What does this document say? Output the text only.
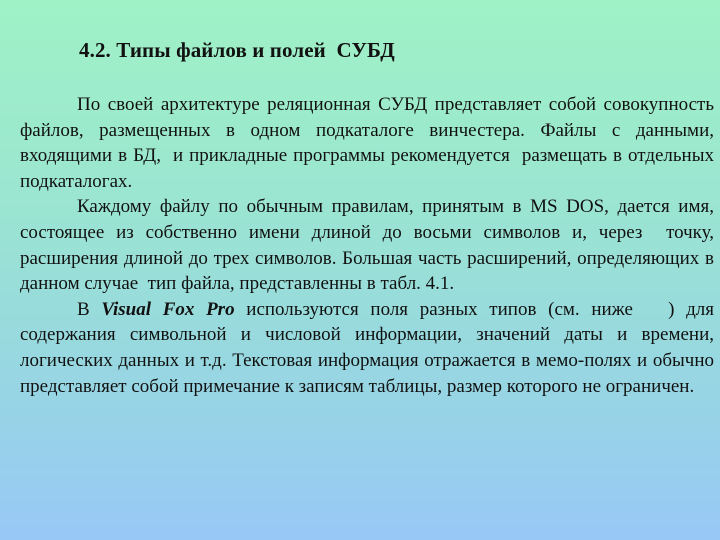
4.2. Типы файлов и полей  СУБД

По своей архитектуре реляционная СУБД представляет собой совокупность файлов, размещенных в одном подкаталоге винчестера. Файлы с данными, входящими в БД,  и прикладные программы рекомендуется  размещать в отдельных подкаталогах.

Каждому файлу по обычным правилам, принятым в MS DOS, дается имя, состоящее из собственно имени длиной до восьми символов и, через  точку, расширения длиной до трех символов. Большая часть расширений, определяющих в данном случае  тип файла, представленны в табл. 4.1.

В Visual Fox Pro используются поля разных типов (см. ниже   ) для содержания символьной и числовой информации, значений даты и времени, логических данных и т.д. Текстовая информация отражается в мемо-полях и обычно представляет собой примечание к записям таблицы, размер которого не ограничен.
